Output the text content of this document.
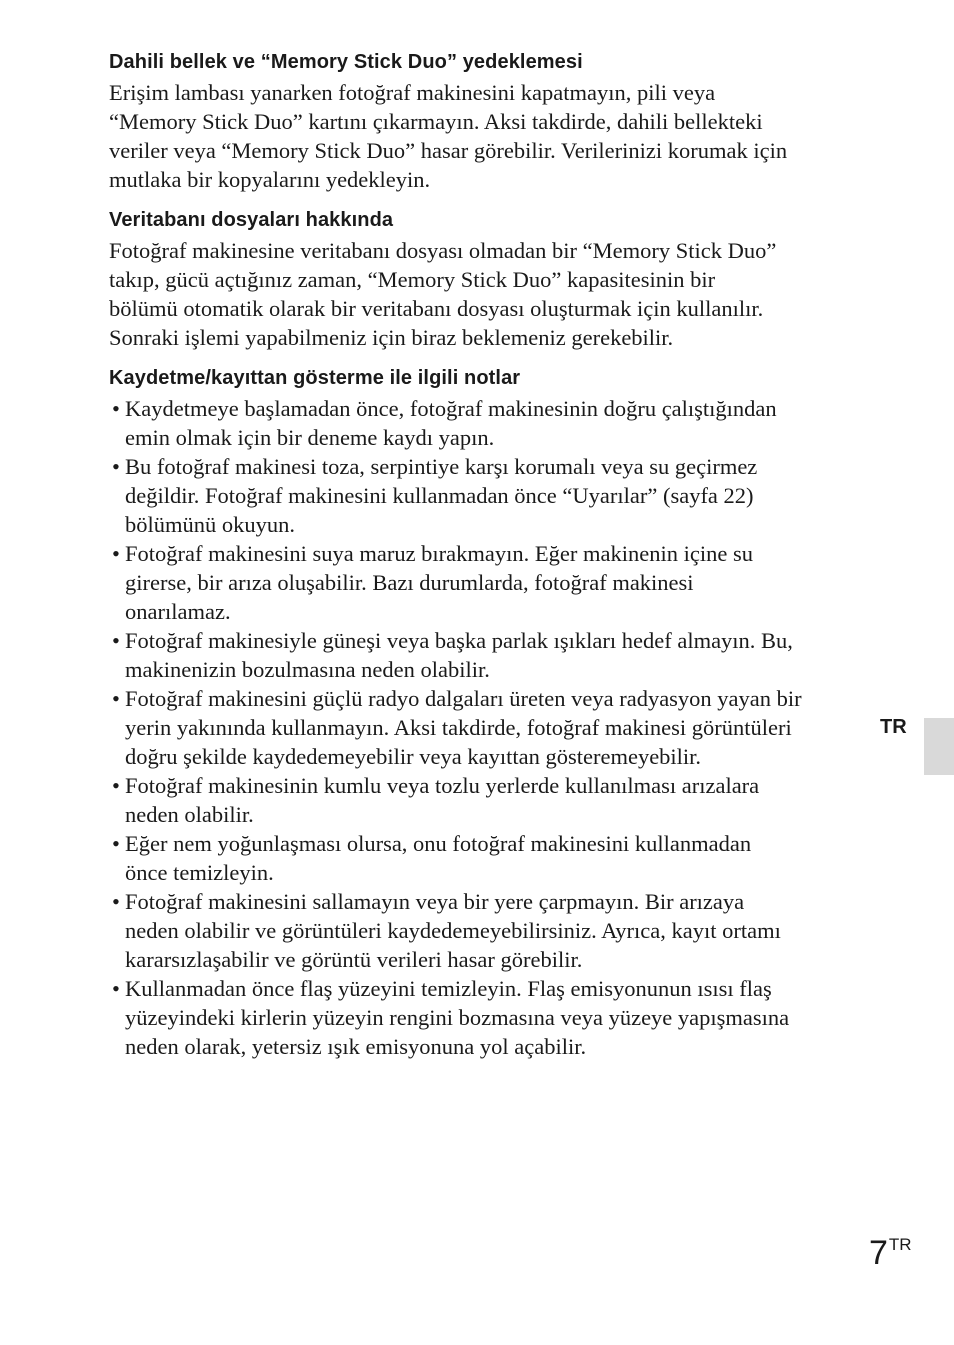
Dahili bellek ve “Memory Stick Duo” yedeklemesi
Erişim lambası yanarken fotoğraf makinesini kapatmayın, pili veya
“Memory Stick Duo” kartını çıkarmayın. Aksi takdirde, dahili bellekteki
veriler veya “Memory Stick Duo” hasar görebilir. Verilerinizi korumak için
mutlaka bir kopyalarını yedekleyin.
Veritabanı dosyaları hakkında
Fotoğraf makinesine veritabanı dosyası olmadan bir “Memory Stick Duo”
takıp, gücü açtığınız zaman, “Memory Stick Duo” kapasitesinin bir
bölümü otomatik olarak bir veritabanı dosyası oluşturmak için kullanılır.
Sonraki işlemi yapabilmeniz için biraz beklemeniz gerekebilir.
Kaydetme/kayıttan gösterme ile ilgili notlar
• Kaydetmeye başlamadan önce, fotoğraf makinesinin doğru çalıştığından
emin olmak için bir deneme kaydı yapın.
• Bu fotoğraf makinesi toza, serpintiye karşı korumalı veya su geçirmez
değildir. Fotoğraf makinesini kullanmadan önce “Uyarılar” (sayfa 22)
bölümünü okuyun.
• Fotoğraf makinesini suya maruz bırakmayın. Eğer makinenin içine su
girerse, bir arıza oluşabilir. Bazı durumlarda, fotoğraf makinesi
onarılamaz.
• Fotoğraf makinesiyle güneşi veya başka parlak ışıkları hedef almayın. Bu,
makinenizin bozulmasına neden olabilir.
• Fotoğraf makinesini güçlü radyo dalgaları üreten veya radyasyon yayan bir
yerin yakınında kullanmayın. Aksi takdirde, fotoğraf makinesi görüntüleri
doğru şekilde kaydedemeyebilir veya kayıttan gösteremeyebilir.
• Fotoğraf makinesinin kumlu veya tozlu yerlerde kullanılması arızalara
neden olabilir.
• Eğer nem yoğunlaşması olursa, onu fotoğraf makinesini kullanmadan
önce temizleyin.
• Fotoğraf makinesini sallamayın veya bir yere çarpmayın. Bir arızaya
neden olabilir ve görüntüleri kaydedemeyebilirsiniz. Ayrıca, kayıt ortamı
kararsızlaşabilir ve görüntü verileri hasar görebilir.
• Kullanmadan önce flaş yüzeyini temizleyin. Flaş emisyonunun ısısı flaş
yüzeyindeki kirlerin yüzeyin rengini bozmasına veya yüzeye yapışmasına
neden olarak, yetersiz ışık emisyonuna yol açabilir.
TR
7TR
